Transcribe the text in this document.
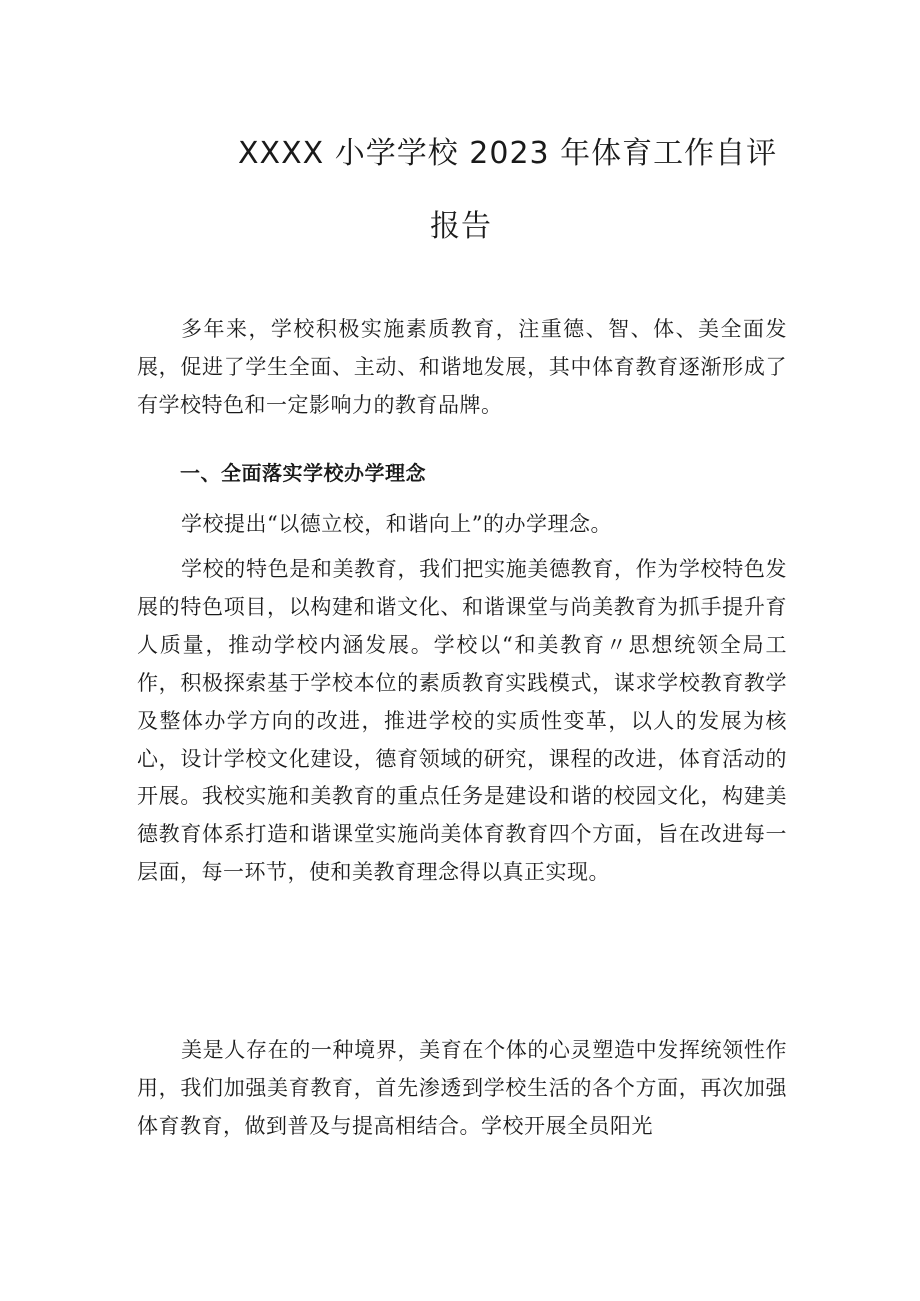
XXXX 小学学校 2023 年体育工作自评
报告
多年来，学校积极实施素质教育，注重德、智、体、美全面发展，促进了学生全面、主动、和谐地发展，其中体育教育逐渐形成了有学校特色和一定影响力的教育品牌。
一、全面落实学校办学理念
学校提出“以德立校，和谐向上”的办学理念。
学校的特色是和美教育，我们把实施美德教育，作为学校特色发展的特色项目，以构建和谐文化、和谐课堂与尚美教育为抓手提升育人质量，推动学校内涵发展。学校以“和美教育〃思想统领全局工作，积极探索基于学校本位的素质教育实践模式，谋求学校教育教学及整体办学方向的改进，推进学校的实质性变革，以人的发展为核心，设计学校文化建设，德育领域的研究，课程的改进，体育活动的开展。我校实施和美教育的重点任务是建设和谐的校园文化，构建美德教育体系打造和谐课堂实施尚美体育教育四个方面，旨在改进每一层面，每一环节，使和美教育理念得以真正实现。
美是人存在的一种境界，美育在个体的心灵塑造中发挥统领性作用，我们加强美育教育，首先渗透到学校生活的各个方面，再次加强体育教育，做到普及与提高相结合。学校开展全员阳光
